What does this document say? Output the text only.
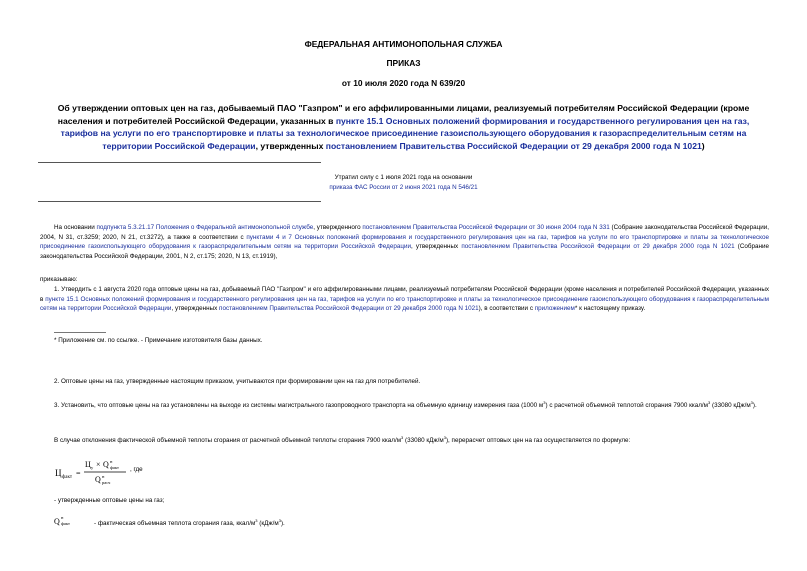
ФЕДЕРАЛЬНАЯ АНТИМОНОПОЛЬНАЯ СЛУЖБА
ПРИКАЗ
от 10 июля 2020 года N 639/20
Об утверждении оптовых цен на газ, добываемый ПАО "Газпром" и его аффилированными лицами, реализуемый потребителям Российской Федерации (кроме населения и потребителей Российской Федерации, указанных в пункте 15.1 Основных положений формирования и государственного регулирования цен на газ, тарифов на услуги по его транспортировке и платы за технологическое присоединение газоиспользующего оборудования к газораспределительным сетям на территории Российской Федерации, утвержденных постановлением Правительства Российской Федерации от 29 декабря 2000 года N 1021)
Утратил силу с 1 июля 2021 года на основании
приказа ФАС России от 2 июня 2021 года N 546/21
На основании подпункта 5.3.21.17 Положения о Федеральной антимонопольной службе, утвержденного постановлением Правительства Российской Федерации от 30 июня 2004 года N 331 (Собрание законодательства Российской Федерации, 2004, N 31, ст.3259; 2020, N 21, ст.3272), а также в соответствии с пунктами 4 и 7 Основных положений формирования и государственного регулирования цен на газ, тарифов на услуги по его транспортировке и платы за технологическое присоединение газоиспользующего оборудования к газораспределительным сетям на территории Российской Федерации, утвержденных постановлением Правительства Российской Федерации от 29 декабря 2000 года N 1021 (Собрание законодательства Российской Федерации, 2001, N 2, ст.175; 2020, N 13, ст.1919),
приказываю:
1. Утвердить с 1 августа 2020 года оптовые цены на газ, добываемый ПАО "Газпром" и его аффилированными лицами, реализуемый потребителям Российской Федерации (кроме населения и потребителей Российской Федерации, указанных в пункте 15.1 Основных положений формирования и государственного регулирования цен на газ, тарифов на услуги по его транспортировке и платы за технологическое присоединение газоиспользующего оборудования к газораспределительным сетям на территории Российской Федерации, утвержденных постановлением Правительства Российской Федерации от 29 декабря 2000 года N 1021), в соответствии с приложением* к настоящему приказу.
* Приложение см. по ссылке. - Примечание изготовителя базы данных.
2. Оптовые цены на газ, утвержденные настоящим приказом, учитываются при формировании цен на газ для потребителей.
3. Установить, что оптовые цены на газ установлены на выходе из системы магистрального газопроводного транспорта на объемную единицу измерения газа (1000 $м^3$) с расчетной объемной теплотой сгорания 7900 ккал/$м^3$ (33080 кДж/$м^3$).
В случае отклонения фактической объемной теплоты сгорания от расчетной объемной теплоты сгорания 7900 ккал/$м^3$ (33080 кДж/$м^3$), перерасчет оптовых цен на газ осуществляется по формуле:
Ц факт =
Ц у × Q н
факт
Q н
расч
, где
- утвержденные оптовые цены на газ;
Q н
факт	- фактическая объемная теплота сгорания газа, ккал/$м^3$ $(кДж/м^3)$.
